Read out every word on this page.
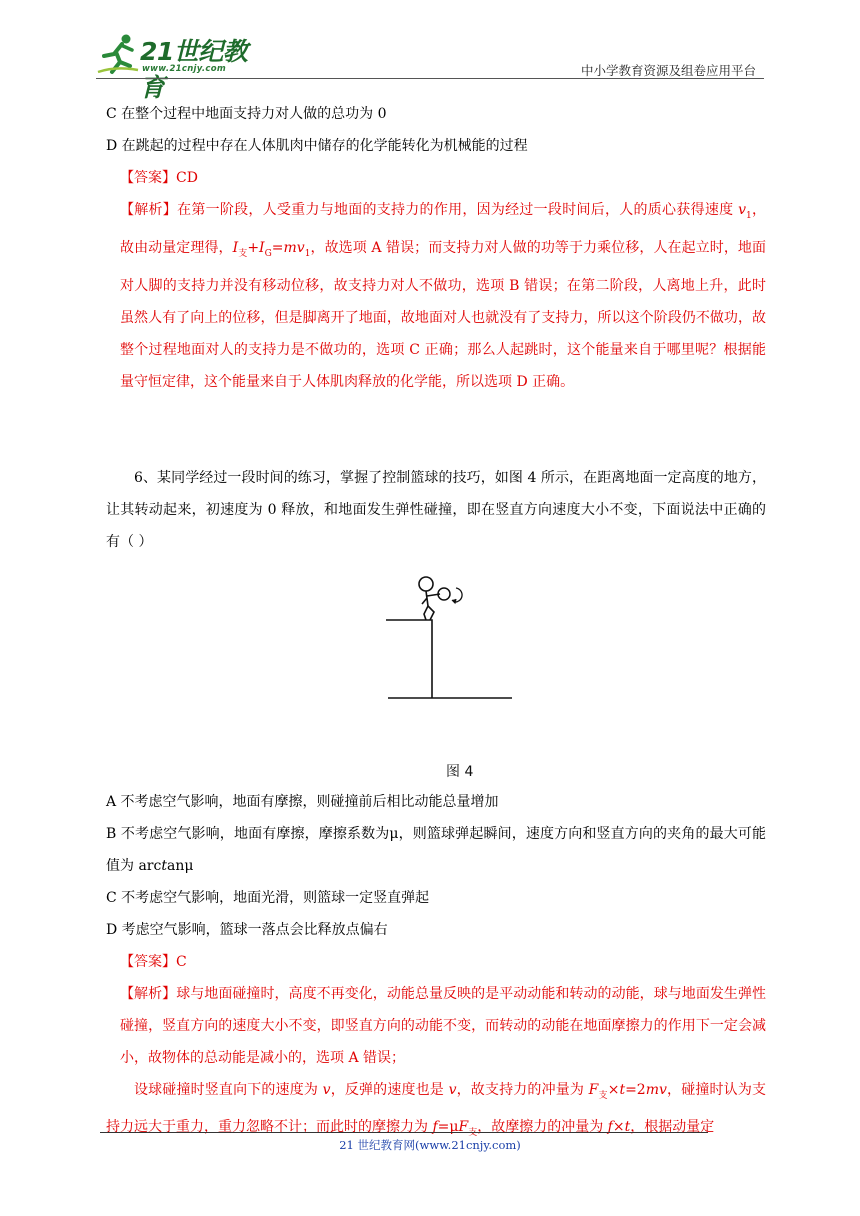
21世纪教育
www.21cnjy.com	中小学教育资源及组卷应用平台

C 在整个过程中地面支持力对人做的总功为 0

D 在跳起的过程中存在人体肌肉中储存的化学能转化为机械能的过程

【答案】CD

【解析】在第一阶段，人受重力与地面的支持力的作用，因为经过一段时间后，人的质心获得速度 $v_1$，故由动量定理得，$I_支+I_G=mv_1$，故选项 A 错误；而支持力对人做的功等于力乘位移，人在起立时，地面对人脚的支持力并没有移动位移，故支持力对人不做功，选项 B 错误；在第二阶段，人离地上升，此时虽然人有了向上的位移，但是脚离开了地面，故地面对人也就没有了支持力，所以这个阶段仍不做功，故整个过程地面对人的支持力是不做功的，选项 C 正确；那么人起跳时，这个能量来自于哪里呢？根据能量守恒定律，这个能量来自于人体肌肉释放的化学能，所以选项 D 正确。

6、某同学经过一段时间的练习，掌握了控制篮球的技巧，如图 4 所示，在距离地面一定高度的地方，让其转动起来，初速度为 0 释放，和地面发生弹性碰撞，即在竖直方向速度大小不变，下面说法中正确的有（ ）

图 4

A 不考虑空气影响，地面有摩擦，则碰撞前后相比动能总量增加

B 不考虑空气影响，地面有摩擦，摩擦系数为μ，则篮球弹起瞬间，速度方向和竖直方向的夹角的最大可能值为 arctanμ

C 不考虑空气影响，地面光滑，则篮球一定竖直弹起

D 考虑空气影响，篮球一落点会比释放点偏右

【答案】C

【解析】球与地面碰撞时，高度不再变化，动能总量反映的是平动动能和转动的动能，球与地面发生弹性碰撞，竖直方向的速度大小不变，即竖直方向的动能不变，而转动的动能在地面摩擦力的作用下一定会减小，故物体的总动能是减小的，选项 A 错误；

设球碰撞时竖直向下的速度为 v，反弹的速度也是 v，故支持力的冲量为 $F_支\times t=2mv$，碰撞时认为支持力远大于重力，重力忽略不计；而此时的摩擦力为 $f=\mu F_支$，故摩擦力的冲量为 f×t，根据动量定

21 世纪教育网(www.21cnjy.com)
